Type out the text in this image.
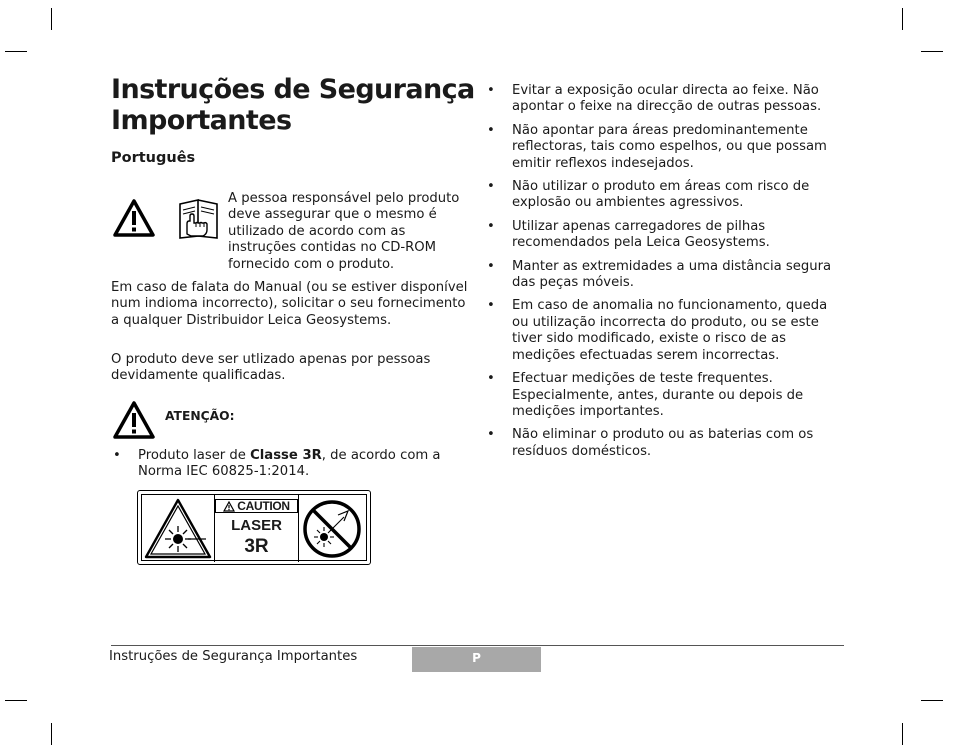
Instruções de Segurança Importantes
Português

A pessoa responsável pelo produto deve assegurar que o mesmo é utilizado de acordo com as instruções contidas no CD-ROM fornecido com o produto.

Em caso de falata do Manual (ou se estiver disponível num indioma incorrecto), solicitar o seu fornecimento a qualquer Distribuidor Leica Geosystems.

O produto deve ser utlizado apenas por pessoas devidamente qualificadas.

ATENÇÃO:

• Produto laser de Classe 3R, de acordo com a Norma IEC 60825-1:2014.
CAUTION
LASER
3R
• Evitar a exposição ocular directa ao feixe. Não apontar o feixe na direcção de outras pessoas.
• Não apontar para áreas predominantemente reflectoras, tais como espelhos, ou que possam emitir reflexos indesejados.
• Não utilizar o produto em áreas com risco de explosão ou ambientes agressivos.
• Utilizar apenas carregadores de pilhas recomendados pela Leica Geosystems.
• Manter as extremidades a uma distância segura das peças móveis.
• Em caso de anomalia no funcionamento, queda ou utilização incorrecta do produto, ou se este tiver sido modificado, existe o risco de as medições efectuadas serem incorrectas.
• Efectuar medições de teste frequentes. Especialmente, antes, durante ou depois de medições importantes.
• Não eliminar o produto ou as baterias com os resíduos domésticos.
Instruções de Segurança Importantes	P
